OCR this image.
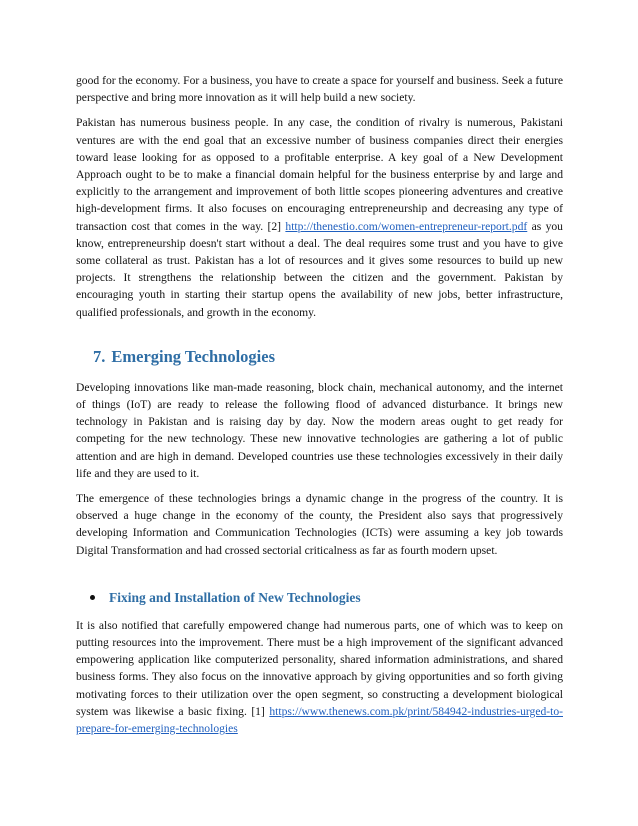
good for the economy. For a business, you have to create a space for yourself and business. Seek a future perspective and bring more innovation as it will help build a new society.

Pakistan has numerous business people. In any case, the condition of rivalry is numerous, Pakistani ventures are with the end goal that an excessive number of business companies direct their energies toward lease looking for as opposed to a profitable enterprise. A key goal of a New Development Approach ought to be to make a financial domain helpful for the business enterprise by and large and explicitly to the arrangement and improvement of both little scopes pioneering adventures and creative high-development firms. It also focuses on encouraging entrepreneurship and decreasing any type of transaction cost that comes in the way. [2] http://thenestio.com/women-entrepreneur-report.pdf as you know, entrepreneurship doesn't start without a deal. The deal requires some trust and you have to give some collateral as trust. Pakistan has a lot of resources and it gives some resources to build up new projects. It strengthens the relationship between the citizen and the government. Pakistan by encouraging youth in starting their startup opens the availability of new jobs, better infrastructure, qualified professionals, and growth in the economy.

7. Emerging Technologies

Developing innovations like man-made reasoning, block chain, mechanical autonomy, and the internet of things (IoT) are ready to release the following flood of advanced disturbance. It brings new technology in Pakistan and is raising day by day. Now the modern areas ought to get ready for competing for the new technology. These new innovative technologies are gathering a lot of public attention and are high in demand. Developed countries use these technologies excessively in their daily life and they are used to it.

The emergence of these technologies brings a dynamic change in the progress of the country. It is observed a huge change in the economy of the county, the President also says that progressively developing Information and Communication Technologies (ICTs) were assuming a key job towards Digital Transformation and had crossed sectorial criticalness as far as fourth modern upset.

Fixing and Installation of New Technologies

It is also notified that carefully empowered change had numerous parts, one of which was to keep on putting resources into the improvement. There must be a high improvement of the significant advanced empowering application like computerized personality, shared information administrations, and shared business forms. They also focus on the innovative approach by giving opportunities and so forth giving motivating forces to their utilization over the open segment, so constructing a development biological system was likewise a basic fixing. [1] https://www.thenews.com.pk/print/584942-industries-urged-to-prepare-for-emerging-technologies
